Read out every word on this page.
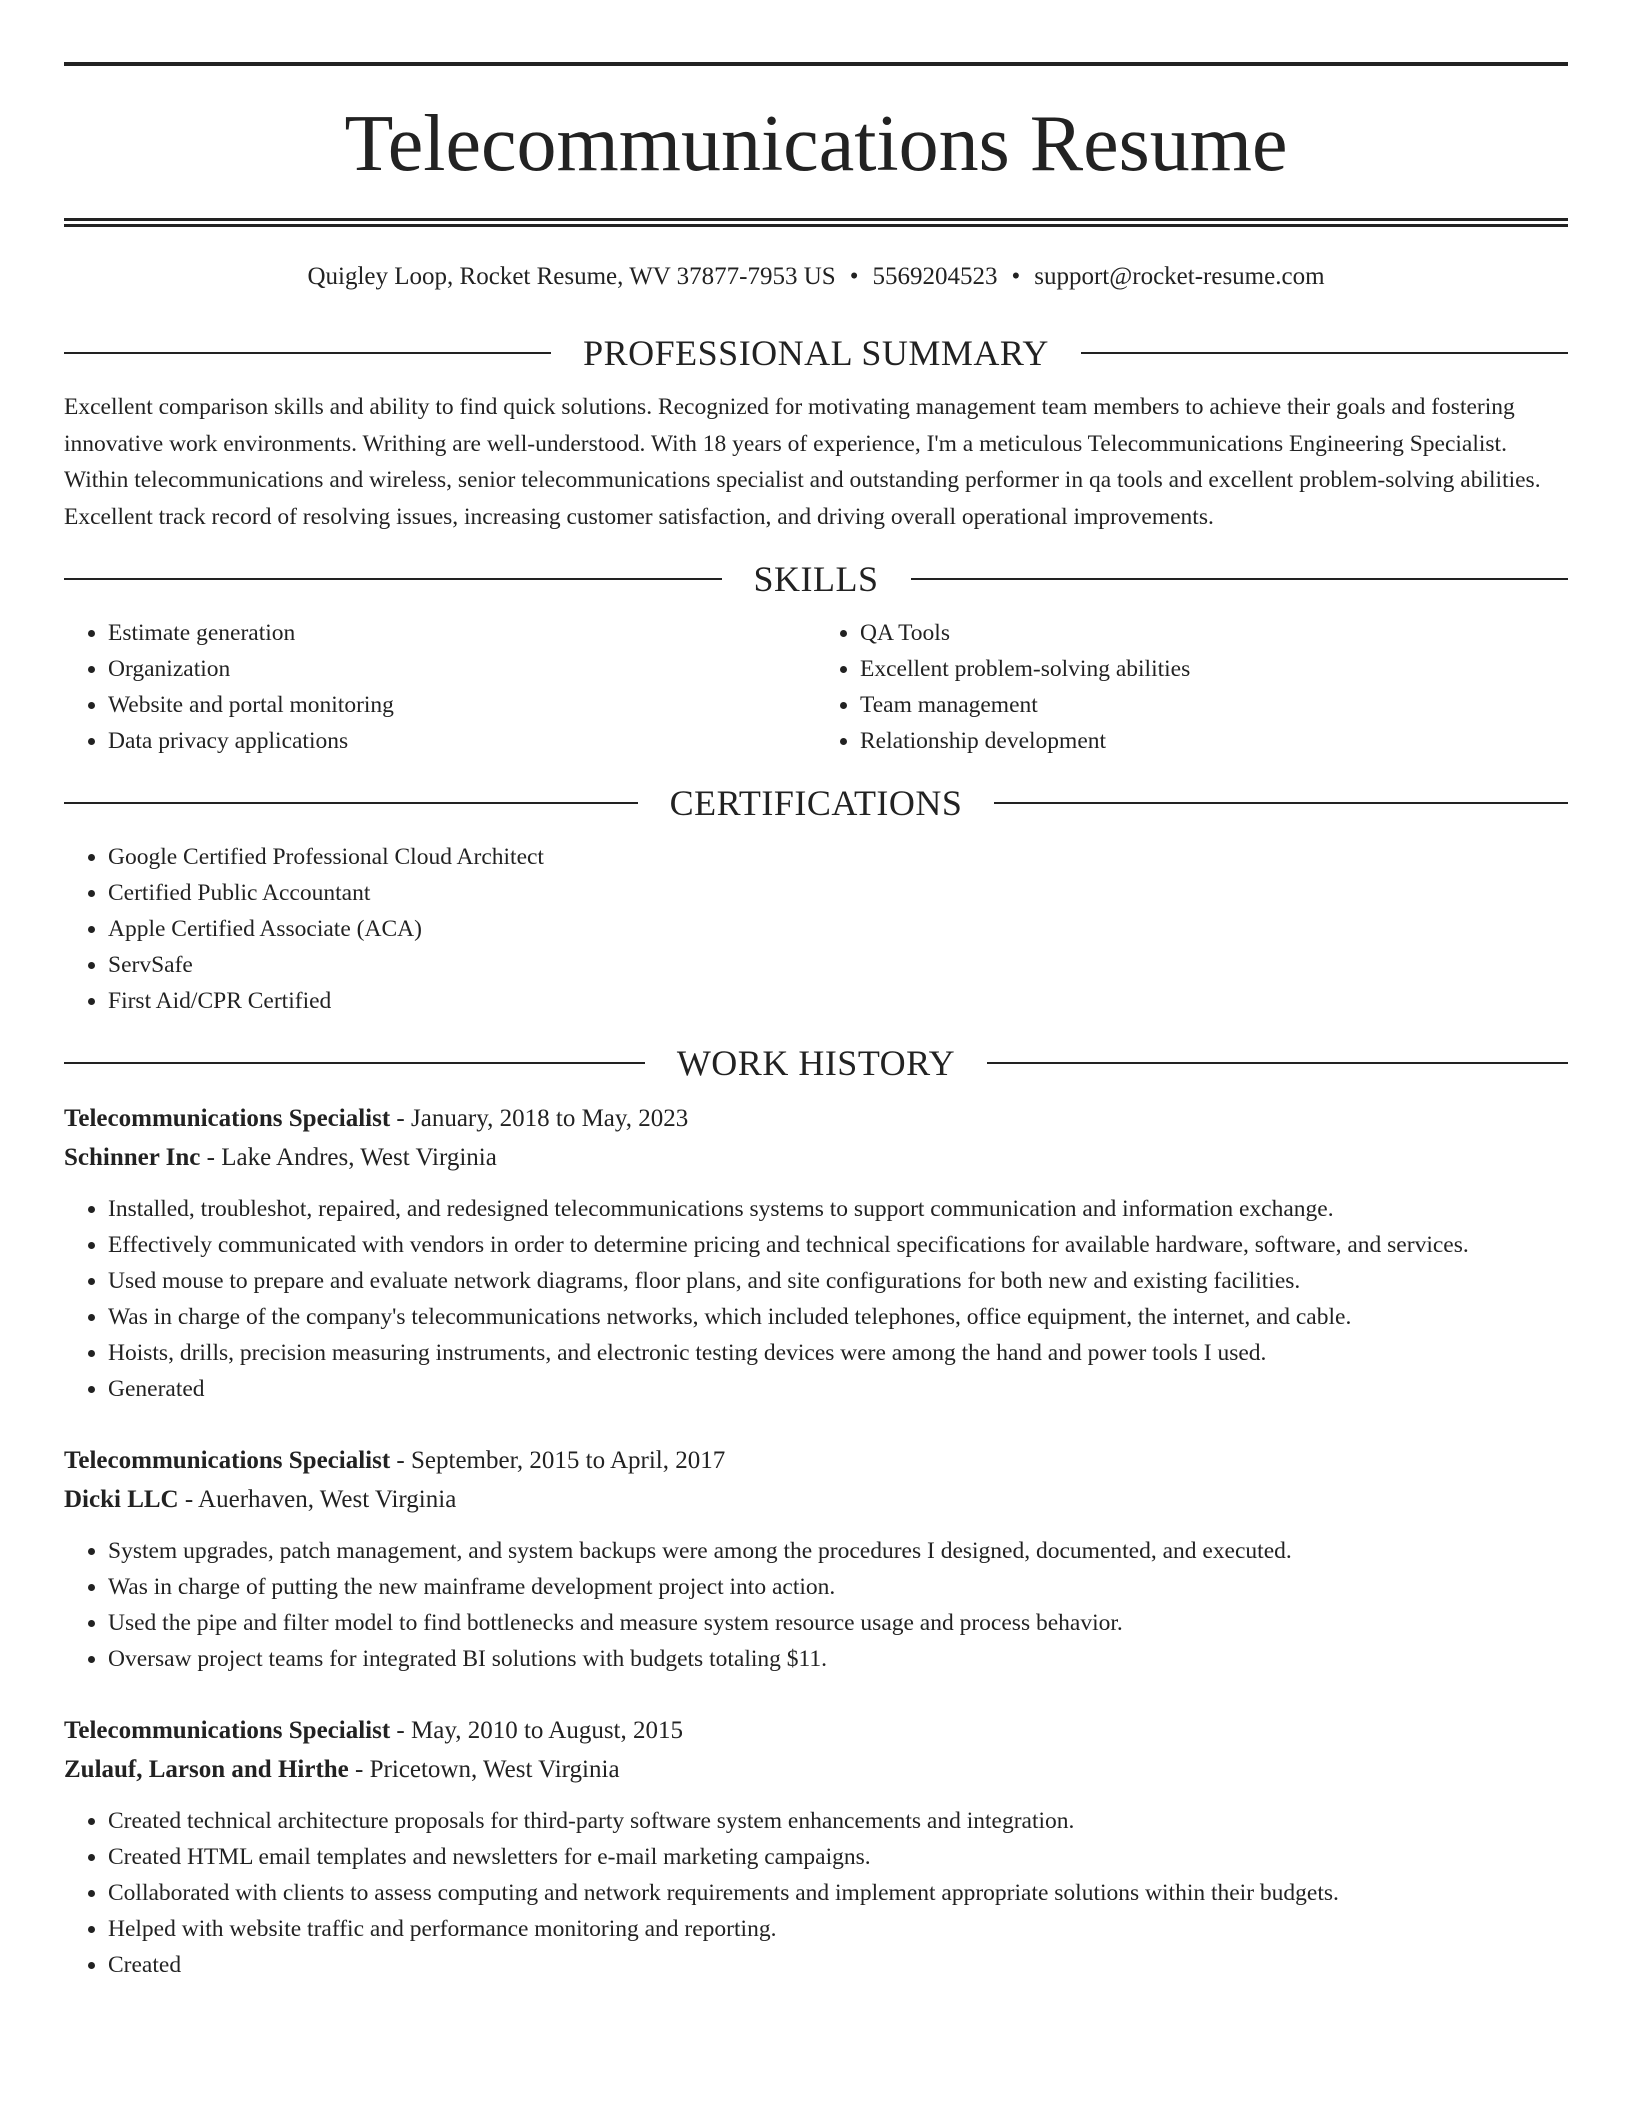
Telecommunications Resume
Quigley Loop, Rocket Resume, WV 37877-7953 US • 5569204523 • support@rocket-resume.com
PROFESSIONAL SUMMARY
Excellent comparison skills and ability to find quick solutions. Recognized for motivating management team members to achieve their goals and fostering innovative work environments. Writhing are well-understood. With 18 years of experience, I'm a meticulous Telecommunications Engineering Specialist. Within telecommunications and wireless, senior telecommunications specialist and outstanding performer in qa tools and excellent problem-solving abilities. Excellent track record of resolving issues, increasing customer satisfaction, and driving overall operational improvements.
SKILLS
• Estimate generation
• Organization
• Website and portal monitoring
• Data privacy applications
• QA Tools
• Excellent problem-solving abilities
• Team management
• Relationship development
CERTIFICATIONS
• Google Certified Professional Cloud Architect
• Certified Public Accountant
• Apple Certified Associate (ACA)
• ServSafe
• First Aid/CPR Certified
WORK HISTORY
Telecommunications Specialist - January, 2018 to May, 2023
Schinner Inc - Lake Andres, West Virginia
• Installed, troubleshot, repaired, and redesigned telecommunications systems to support communication and information exchange.
• Effectively communicated with vendors in order to determine pricing and technical specifications for available hardware, software, and services.
• Used mouse to prepare and evaluate network diagrams, floor plans, and site configurations for both new and existing facilities.
• Was in charge of the company's telecommunications networks, which included telephones, office equipment, the internet, and cable.
• Hoists, drills, precision measuring instruments, and electronic testing devices were among the hand and power tools I used.
• Generated
Telecommunications Specialist - September, 2015 to April, 2017
Dicki LLC - Auerhaven, West Virginia
• System upgrades, patch management, and system backups were among the procedures I designed, documented, and executed.
• Was in charge of putting the new mainframe development project into action.
• Used the pipe and filter model to find bottlenecks and measure system resource usage and process behavior.
• Oversaw project teams for integrated BI solutions with budgets totaling $11.
Telecommunications Specialist - May, 2010 to August, 2015
Zulauf, Larson and Hirthe - Pricetown, West Virginia
• Created technical architecture proposals for third-party software system enhancements and integration.
• Created HTML email templates and newsletters for e-mail marketing campaigns.
• Collaborated with clients to assess computing and network requirements and implement appropriate solutions within their budgets.
• Helped with website traffic and performance monitoring and reporting.
• Created
